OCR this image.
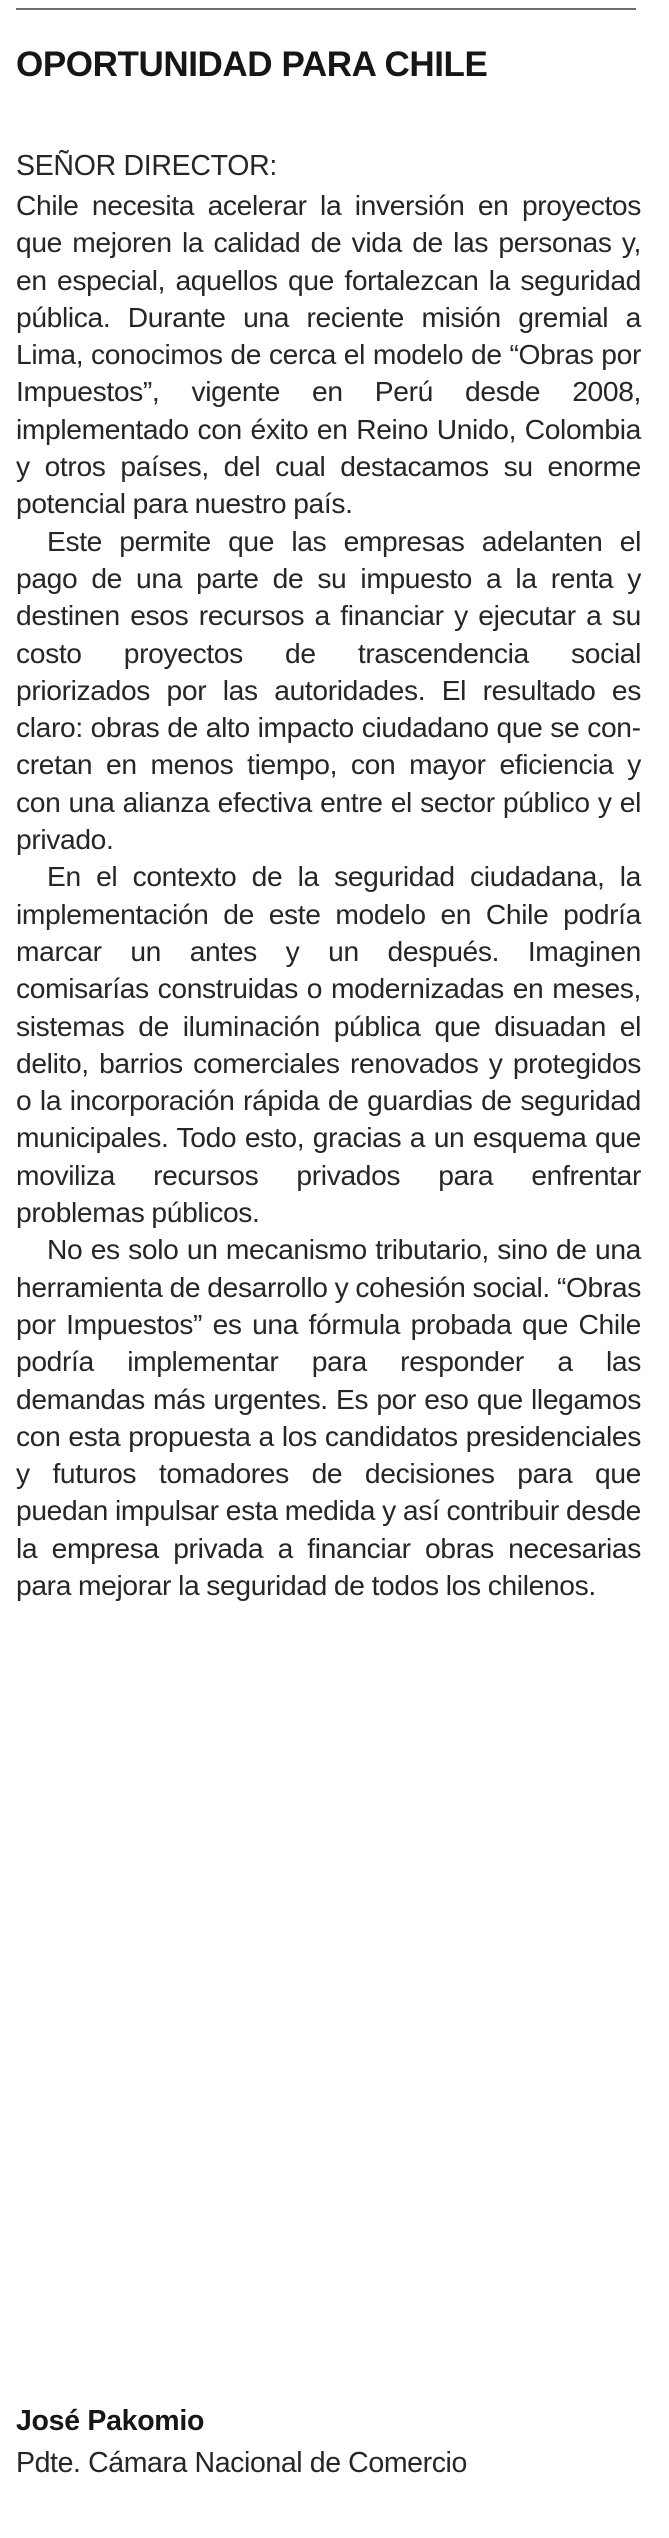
OPORTUNIDAD PARA CHILE
SEÑOR DIRECTOR:

Chile necesita acelerar la inversión en proyectos que mejoren la calidad de vida de las personas y, en especial, aquellos que fortalezcan la seguridad pública. Durante una reciente misión gremial a Lima, conocimos de cerca el modelo de “Obras por Impuestos”, vigente en Perú desde 2008, implementado con éxito en Reino Unido, Colombia y otros países, del cual destacamos su enorme potencial para nuestro país.

Este permite que las empresas adelanten el pago de una parte de su impuesto a la renta y destinen esos recursos a financiar y ejecutar a su costo proyectos de trascendencia social priorizados por las autoridades. El resultado es claro: obras de alto impacto ciudadano que se concretan en menos tiempo, con mayor eficiencia y con una alianza efectiva entre el sector público y el privado.

En el contexto de la seguridad ciudadana, la implementación de este modelo en Chile podría marcar un antes y un después. Imaginen comisarías construidas o modernizadas en meses, sistemas de iluminación pública que disuadan el delito, barrios comerciales renovados y protegidos o la incorporación rápida de guardias de seguridad municipales. Todo esto, gracias a un esquema que moviliza recursos privados para enfrentar problemas públicos.

No es solo un mecanismo tributario, sino de una herramienta de desarrollo y cohesión social. “Obras por Impuestos” es una fórmula probada que Chile podría implementar para responder a las demandas más urgentes. Es por eso que llegamos con esta propuesta a los candidatos presidenciales y futuros tomadores de decisiones para que puedan impulsar esta medida y así contribuir desde la empresa privada a financiar obras necesarias para mejorar la seguridad de todos los chilenos.

José Pakomio
Pdte. Cámara Nacional de Comercio
